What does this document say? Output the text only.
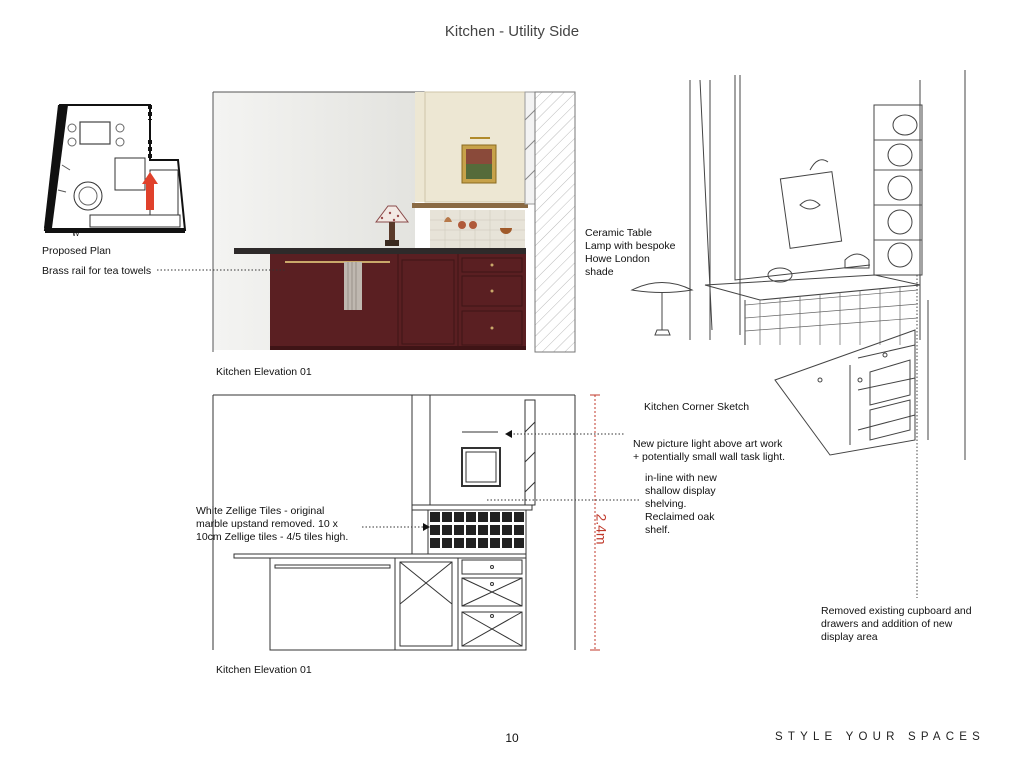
W
Kitchen - Utility Side
Proposed Plan
Brass rail for tea towels
Kitchen Elevation 01
Kitchen Elevation 01
2.4m
White Zellige Tiles - original
marble upstand removed. 10 x
10cm Zellige tiles - 4/5 tiles high.
in-line with new
shallow display
shelving.
Reclaimed oak
shelf.
Ceramic Table
Lamp with bespoke
Howe London
shade
Kitchen Corner Sketch
New picture light above art work
+ potentially small wall task light.
Removed existing cupboard and
drawers and addition of new
display area
10	STYLE YOUR SPACES
